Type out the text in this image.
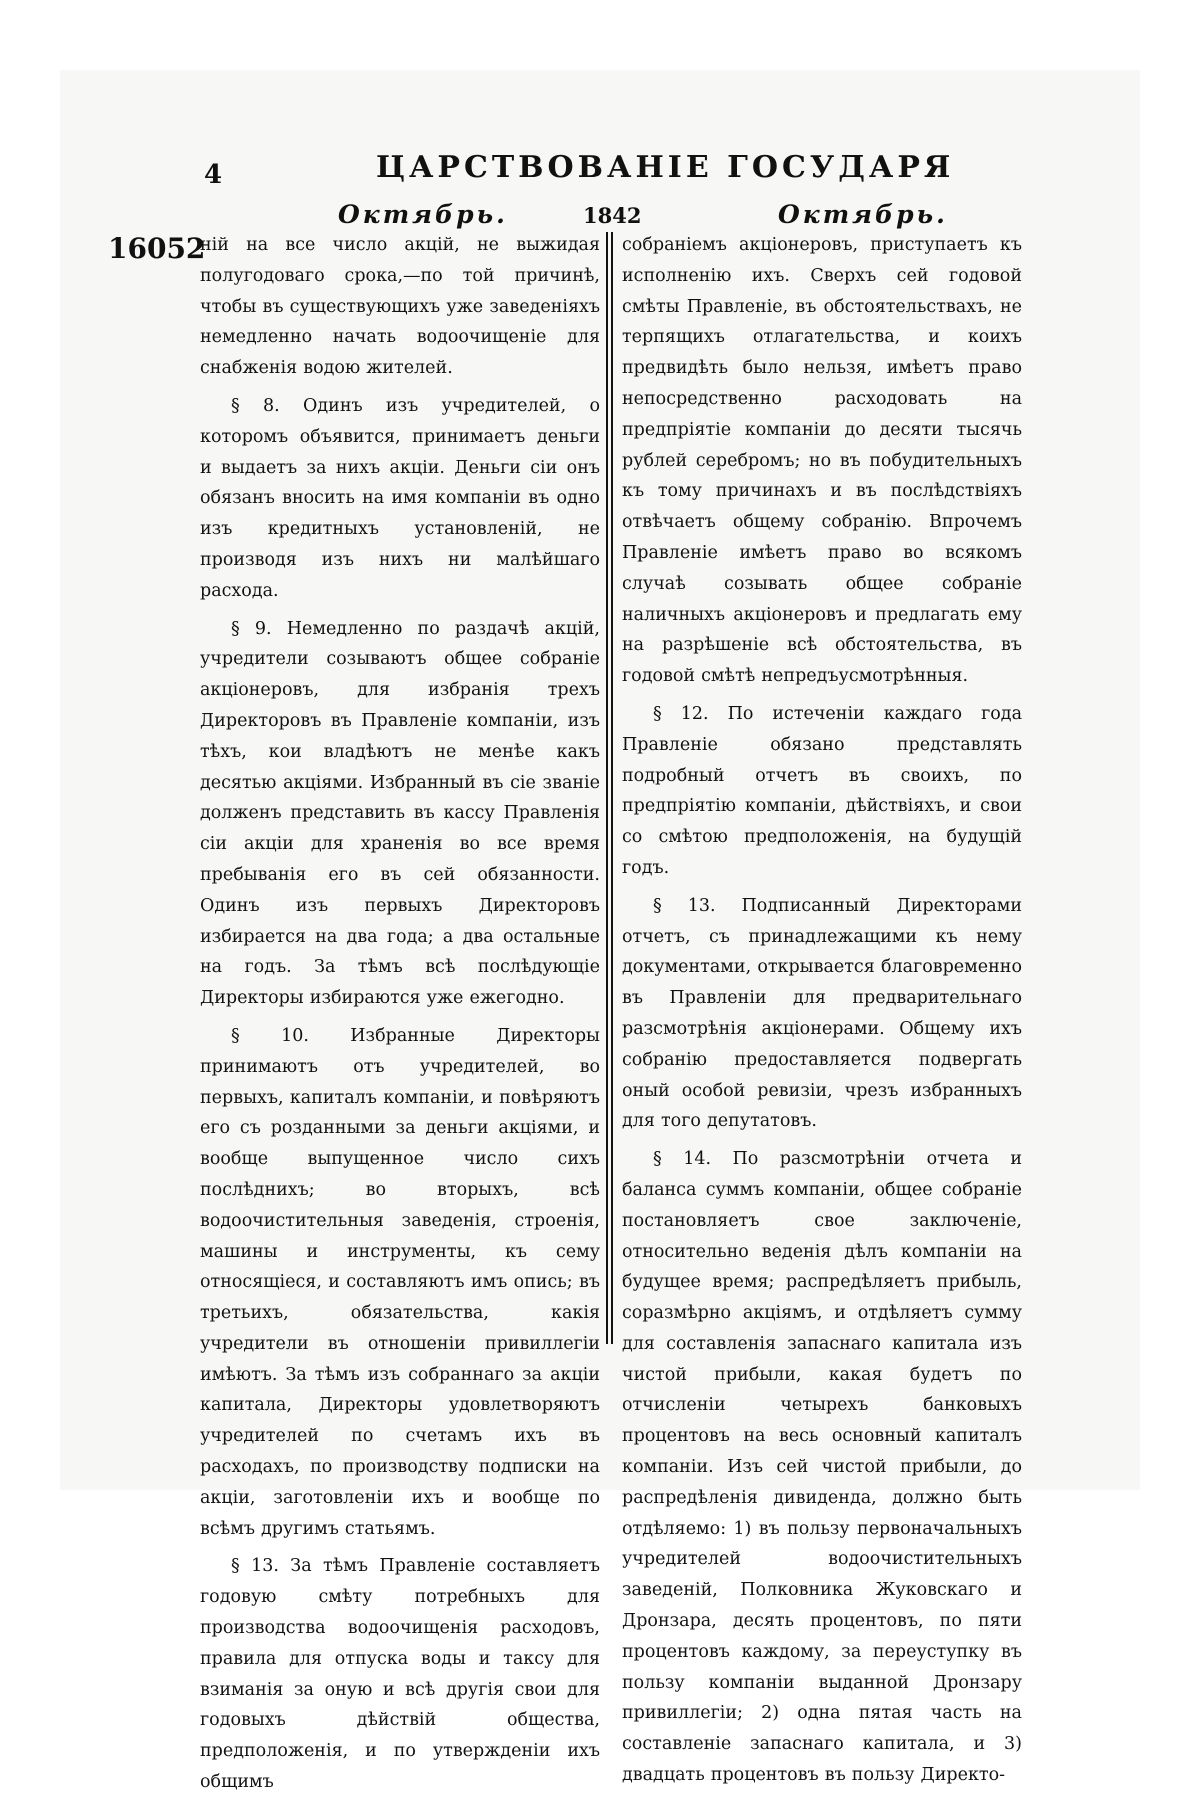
4	ЦАРСТВОВАНІЕ ГОСУДАРЯ
Октябрь.	1842	Октябрь.
16052

ній на все число акцій, не выжидая полугодоваго срока,—по той причинѣ, чтобы въ существующихъ уже заведеніяхъ немедленно начать водоочищеніе для снабженія водою жителей.

§ 8. Одинъ изъ учредителей, о которомъ объявится, принимаетъ деньги и выдаетъ за нихъ акціи. Деньги сіи онъ обязанъ вносить на имя компаніи въ одно изъ кредитныхъ установленій, не производя изъ нихъ ни малѣйшаго расхода.

§ 9. Немедленно по раздачѣ акцій, учредители созываютъ общее собраніе акціонеровъ, для избранія трехъ Директоровъ въ Правленіе компаніи, изъ тѣхъ, кои владѣютъ не менѣе какъ десятью акціями. Избранный въ сіе званіе долженъ представить въ кассу Правленія сіи акціи для храненія во все время пребыванія его въ сей обязанности. Одинъ изъ первыхъ Директоровъ избирается на два года; а два остальные на годъ. За тѣмъ всѣ послѣдующіе Директоры избираются уже ежегодно.

§ 10. Избранные Директоры принимаютъ отъ учредителей, во первыхъ, капиталъ компаніи, и повѣряютъ его съ розданными за деньги акціями, и вообще выпущенное число сихъ послѣднихъ; во вторыхъ, всѣ водоочистительныя заведенія, строенія, машины и инструменты, къ сему относящіеся, и составляютъ имъ опись; въ третьихъ, обязательства, какія учредители въ отношеніи привиллегіи имѣютъ. За тѣмъ изъ собраннаго за акціи капитала, Директоры удовлетворяютъ учредителей по счетамъ ихъ въ расходахъ, по производству подписки на акціи, заготовленіи ихъ и вообще по всѣмъ другимъ статьямъ.

§ 13. За тѣмъ Правленіе составляетъ годовую смѣту потребныхъ для производства водоочищенія расходовъ, правила для отпуска воды и таксу для взиманія за оную и всѣ другія свои для годовыхъ дѣйствій общества, предположенія, и по утвержденіи ихъ общимъ

собраніемъ акціонеровъ, приступаетъ къ исполненію ихъ. Сверхъ сей годовой смѣты Правленіе, въ обстоятельствахъ, не терпящихъ отлагательства, и коихъ предвидѣть было нельзя, имѣетъ право непосредственно расходовать на предпріятіе компаніи до десяти тысячь рублей серебромъ; но въ побудительныхъ къ тому причинахъ и въ послѣдствіяхъ отвѣчаетъ общему собранію. Впрочемъ Правленіе имѣетъ право во всякомъ случаѣ созывать общее собраніе наличныхъ акціонеровъ и предлагать ему на разрѣшеніе всѣ обстоятельства, въ годовой смѣтѣ непредъусмотрѣнныя.

§ 12. По истеченіи каждаго года Правленіе обязано представлять подробный отчетъ въ своихъ, по предпріятію компаніи, дѣйствіяхъ, и свои со смѣтою предположенія, на будущій годъ.

§ 13. Подписанный Директорами отчетъ, съ принадлежащими къ нему документами, открывается благовременно въ Правленіи для предварительнаго разсмотрѣнія акціонерами. Общему ихъ собранію предоставляется подвергать оный особой ревизіи, чрезъ избранныхъ для того депутатовъ.

§ 14. По разсмотрѣніи отчета и баланса суммъ компаніи, общее собраніе постановляетъ свое заключеніе, относительно веденія дѣлъ компаніи на будущее время; распредѣляетъ прибыль, соразмѣрно акціямъ, и отдѣляетъ сумму для составленія запаснаго капитала изъ чистой прибыли, какая будетъ по отчисленіи четырехъ банковыхъ процентовъ на весь основный капиталъ компаніи. Изъ сей чистой прибыли, до распредѣленія дивиденда, должно быть отдѣляемо: 1) въ пользу первоначальныхъ учредителей водоочистительныхъ заведеній, Полковника Жуковскаго и Дронзара, десять процентовъ, по пяти процентовъ каждому, за переуступку въ пользу компаніи выданной Дронзару привиллегіи; 2) одна пятая часть на составленіе запаснаго капитала, и 3) двадцать процентовъ въ пользу Директо-
